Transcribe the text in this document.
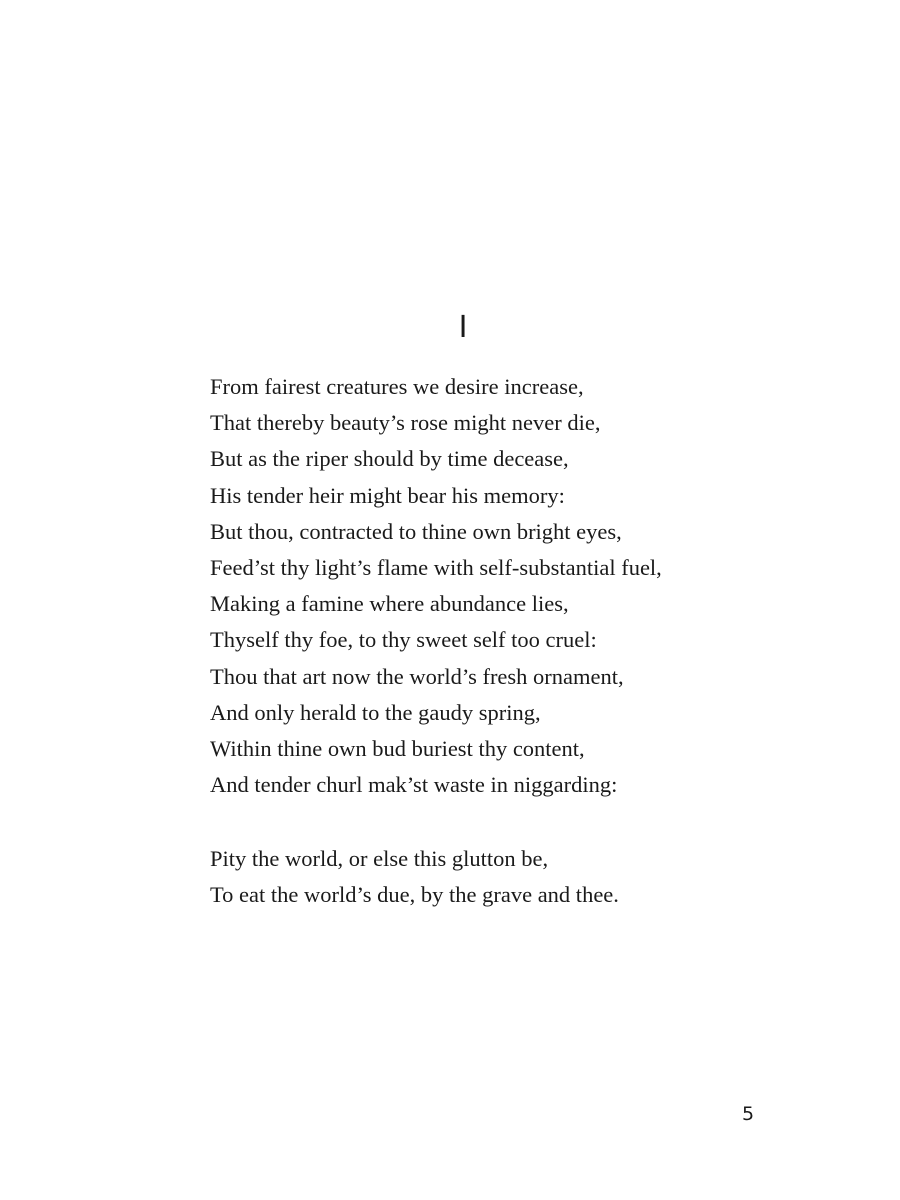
I
From fairest creatures we desire increase,
That thereby beauty’s rose might never die,
But as the riper should by time decease,
His tender heir might bear his memory:
But thou, contracted to thine own bright eyes,
Feed’st thy light’s flame with self-substantial fuel,
Making a famine where abundance lies,
Thyself thy foe, to thy sweet self too cruel:
Thou that art now the world’s fresh ornament,
And only herald to the gaudy spring,
Within thine own bud buriest thy content,
And tender churl mak’st waste in niggarding:
Pity the world, or else this glutton be,
To eat the world’s due, by the grave and thee.
5
